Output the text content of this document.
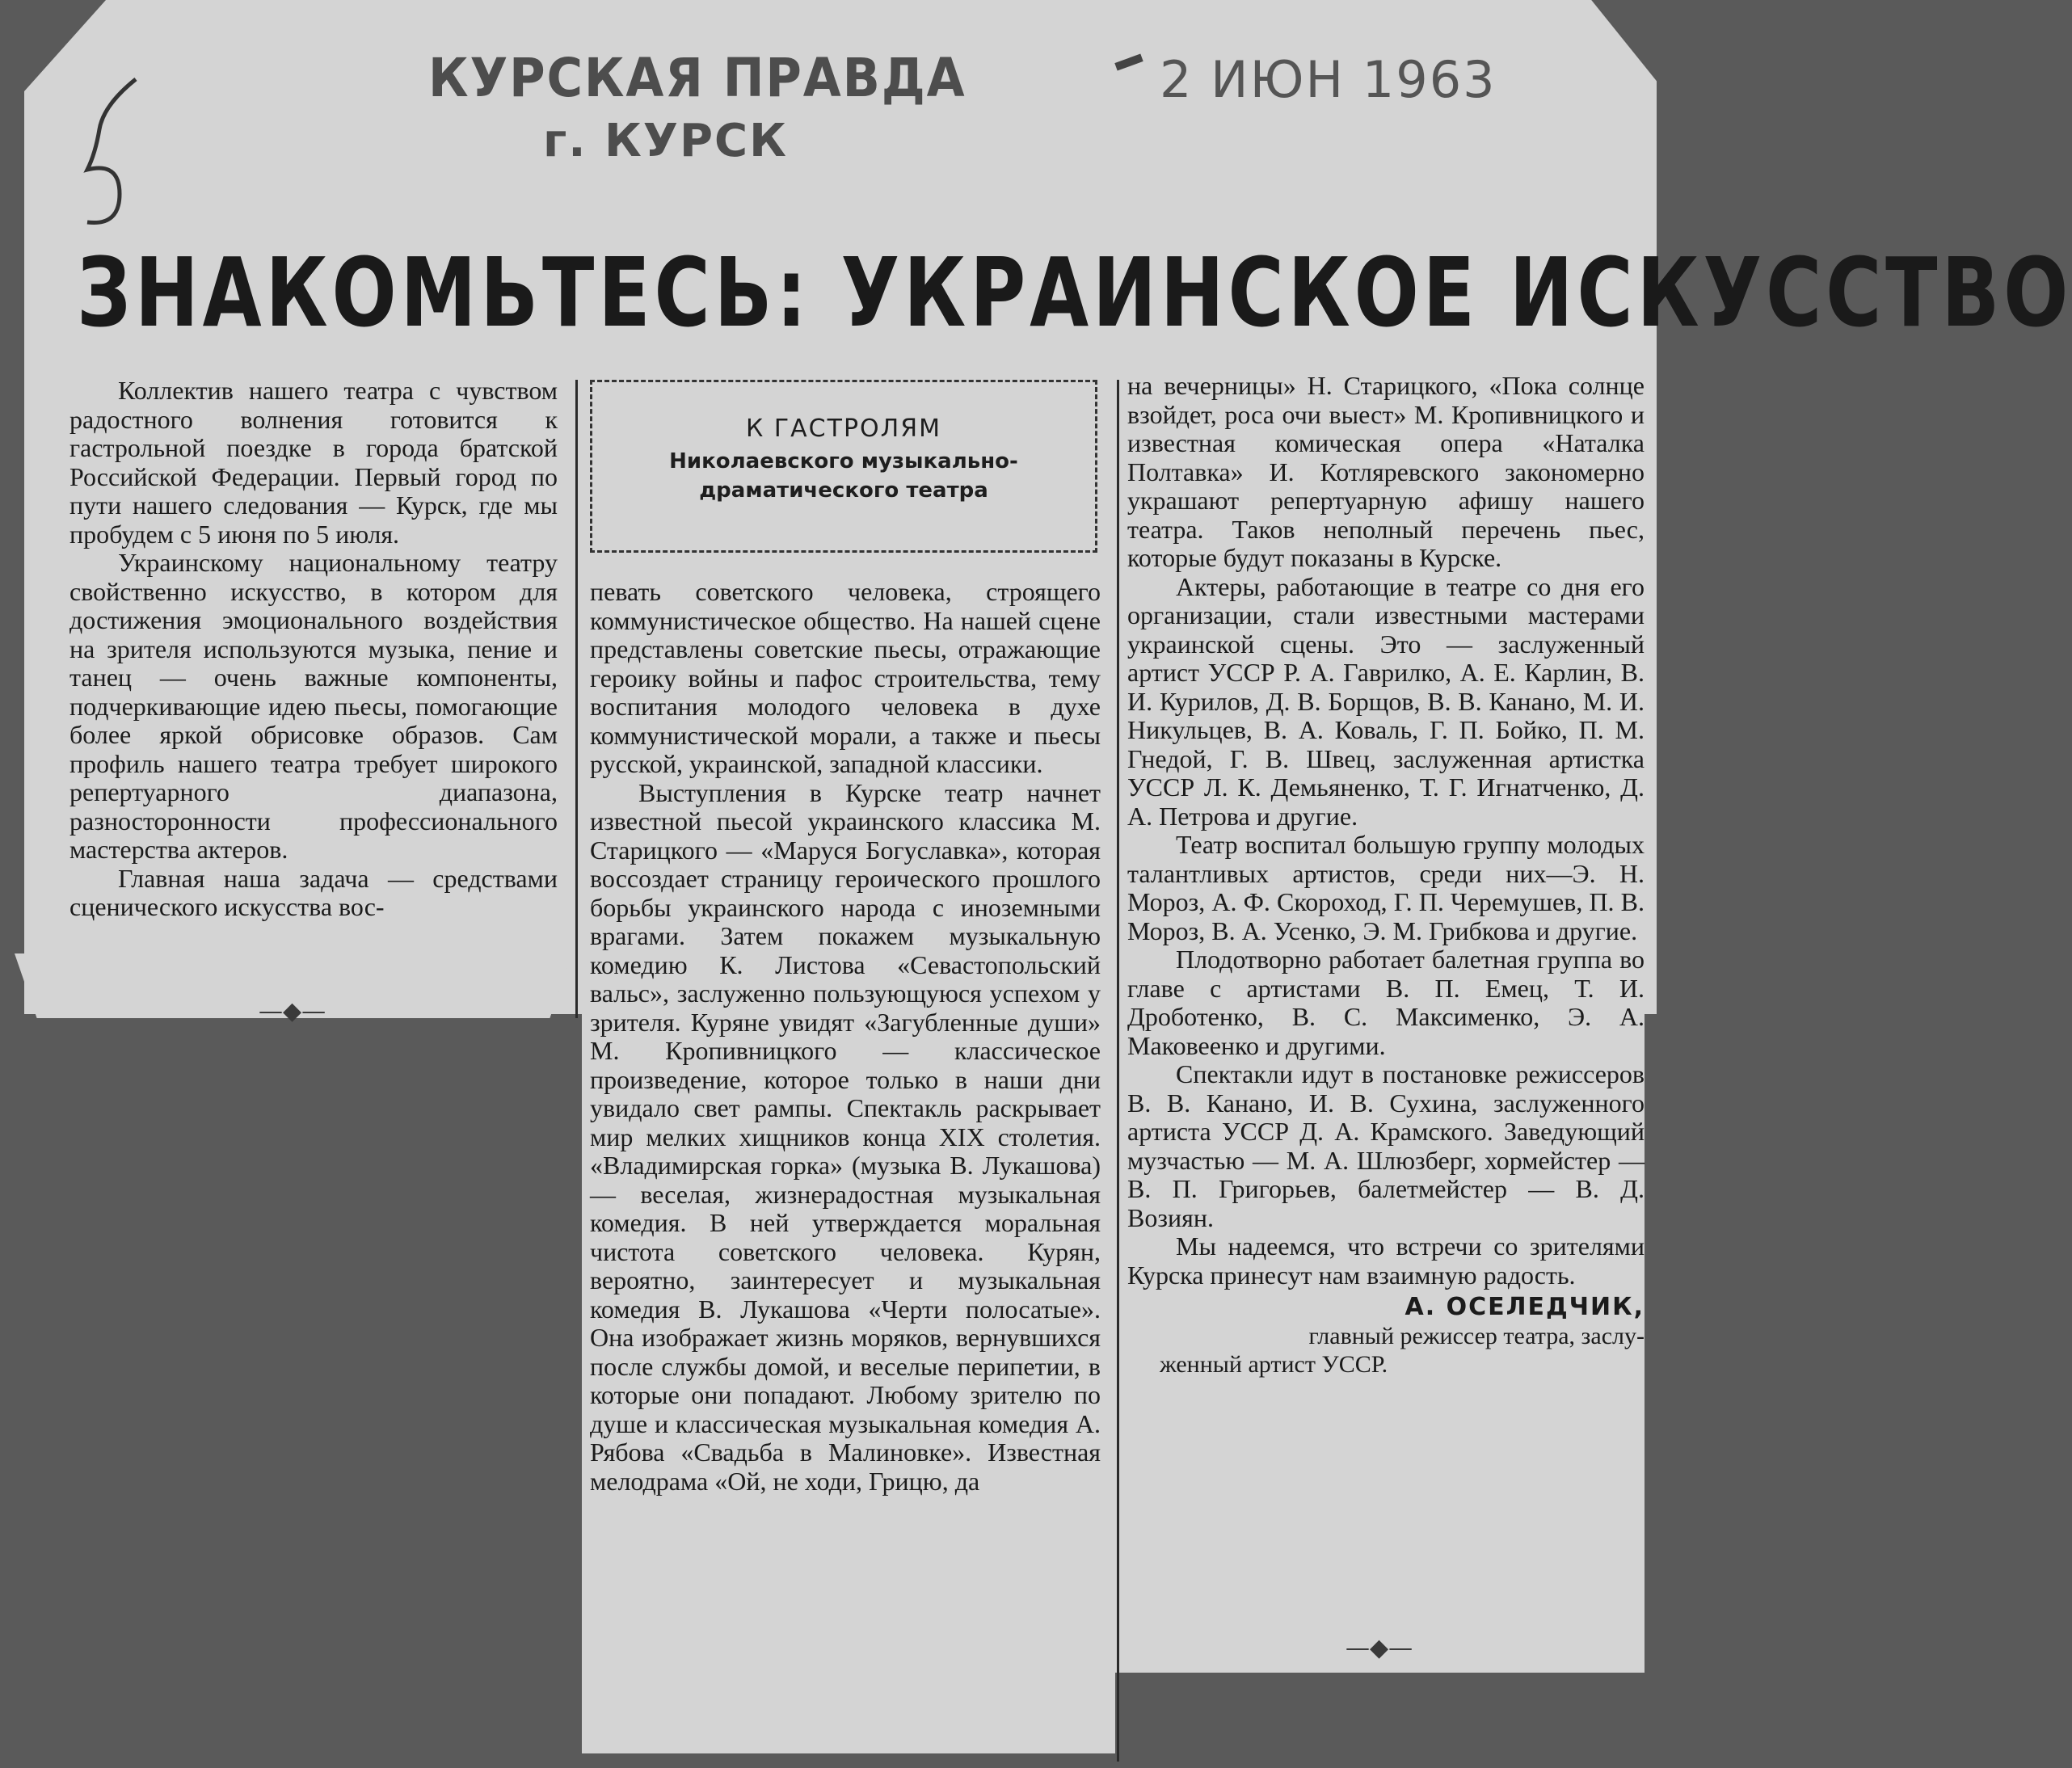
КУРСКАЯ ПРАВДА
г. КУРСК
2 ИЮН 1963
ЗНАКОМЬТЕСЬ: УКРАИНСКОЕ ИСКУССТВО

Коллектив нашего театра с чувством радостного волнения готовится к гастрольной поездке в города братской Российской Федерации. Первый город по пути нашего следования — Курск, где мы пробудем с 5 июня по 5 июля.

Украинскому национальному театру свойственно искусство, в котором для достижения эмоционального воздействия на зрителя используются музыка, пение и танец — очень важные компоненты, подчеркивающие идею пьесы, помогающие более яркой обрисовке образов. Сам профиль нашего театра требует широкого репертуарного диапазона, разносторонности профессионального мастерства актеров.

Главная наша задача — средствами сценического искусства вос-

—◆—
К ГАСТРОЛЯМ
Николаевского музыкально-
драматического театра

певать советского человека, строящего коммунистическое общество. На нашей сцене представлены советские пьесы, отражающие героику войны и пафос строительства, тему воспитания молодого человека в духе коммунистической морали, а также и пьесы русской, украинской, западной классики.

Выступления в Курске театр начнет известной пьесой украинского классика М. Старицкого — «Маруся Богуславка», которая воссоздает страницу героического прошлого борьбы украинского народа с иноземными врагами. Затем покажем музыкальную комедию К. Листова «Севастопольский вальс», заслуженно пользующуюся успехом у зрителя. Куряне увидят «Загубленные души» М. Кропивницкого — классическое произведение, которое только в наши дни увидало свет рампы. Спектакль раскрывает мир мелких хищников конца XIX столетия. «Владимирская горка» (музыка В. Лукашова) — веселая, жизнерадостная музыкальная комедия. В ней утверждается моральная чистота советского человека. Курян, вероятно, заинтересует и музыкальная комедия В. Лукашова «Черти полосатые». Она изображает жизнь моряков, вернувшихся после службы домой, и веселые перипетии, в которые они попадают. Любому зрителю по душе и классическая музыкальная комедия А. Рябова «Свадьба в Малиновке». Известная мелодрама «Ой, не ходи, Грицю, да

на вечерницы» Н. Старицкого, «Пока солнце взойдет, роса очи выест» М. Кропивницкого и известная комическая опера «Наталка Полтавка» И. Котляревского закономерно украшают репертуарную афишу нашего театра. Таков неполный перечень пьес, которые будут показаны в Курске.

Актеры, работающие в театре со дня его организации, стали известными мастерами украинской сцены. Это — заслуженный артист УССР Р. А. Гаврилко, А. Е. Карлин, В. И. Курилов, Д. В. Борщов, В. В. Канано, М. И. Никульцев, В. А. Коваль, Г. П. Бойко, П. М. Гнедой, Г. В. Швец, заслуженная артистка УССР Л. К. Демьяненко, Т. Г. Игнатченко, Д. А. Петрова и другие.

Театр воспитал большую группу молодых талантливых артистов, среди них—Э. Н. Мороз, А. Ф. Скороход, Г. П. Черемушев, П. В. Мороз, В. А. Усенко, Э. М. Грибкова и другие.

Плодотворно работает балетная группа во главе с артистами В. П. Емец, Т. И. Дроботенко, В. С. Максименко, Э. А. Маковеенко и другими.

Спектакли идут в постановке режиссеров В. В. Канано, И. В. Сухина, заслуженного артиста УССР Д. А. Крамского. Заведующий музчастью — М. А. Шлюзберг, хормейстер — В. П. Григорьев, балетмейстер — В. Д. Возиян.

Мы надеемся, что встречи со зрителями Курска принесут нам взаимную радость.

А. ОСЕЛЕДЧИК,
главный режиссер театра, заслу-
женный артист УССР.
—◆—
